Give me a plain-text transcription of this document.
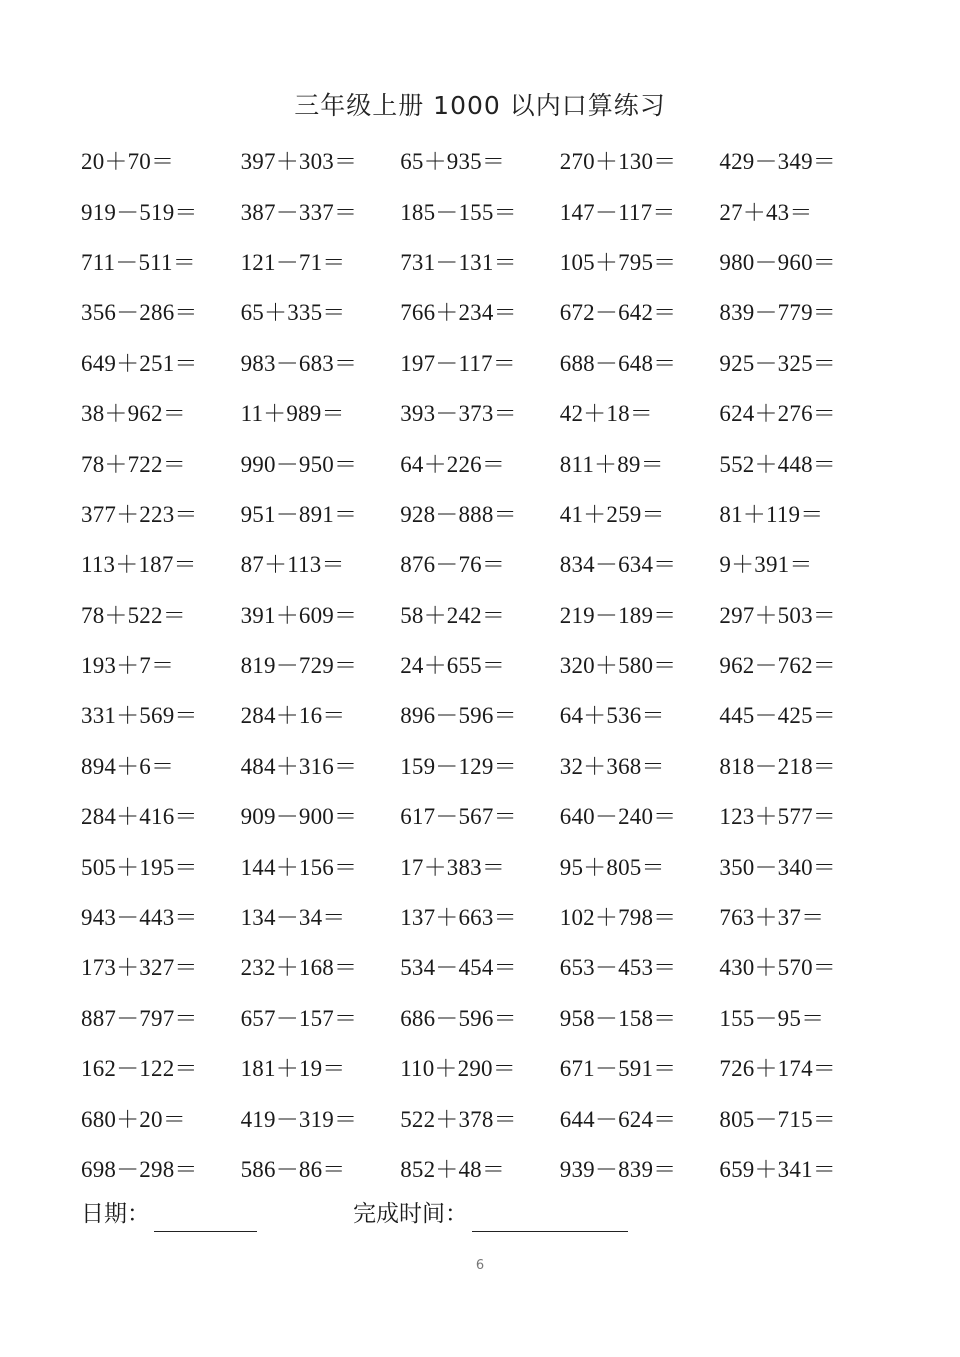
三年级上册 1000 以内口算练习
20＋70＝	397＋303＝	65＋935＝	270＋130＝	429－349＝
919－519＝	387－337＝	185－155＝	147－117＝	27＋43＝
711－511＝	121－71＝	731－131＝	105＋795＝	980－960＝
356－286＝	65＋335＝	766＋234＝	672－642＝	839－779＝
649＋251＝	983－683＝	197－117＝	688－648＝	925－325＝
38＋962＝	11＋989＝	393－373＝	42＋18＝	624＋276＝
78＋722＝	990－950＝	64＋226＝	811＋89＝	552＋448＝
377＋223＝	951－891＝	928－888＝	41＋259＝	81＋119＝
113＋187＝	87＋113＝	876－76＝	834－634＝	9＋391＝
78＋522＝	391＋609＝	58＋242＝	219－189＝	297＋503＝
193＋7＝	819－729＝	24＋655＝	320＋580＝	962－762＝
331＋569＝	284＋16＝	896－596＝	64＋536＝	445－425＝
894＋6＝	484＋316＝	159－129＝	32＋368＝	818－218＝
284＋416＝	909－900＝	617－567＝	640－240＝	123＋577＝
505＋195＝	144＋156＝	17＋383＝	95＋805＝	350－340＝
943－443＝	134－34＝	137＋663＝	102＋798＝	763＋37＝
173＋327＝	232＋168＝	534－454＝	653－453＝	430＋570＝
887－797＝	657－157＝	686－596＝	958－158＝	155－95＝
162－122＝	181＋19＝	110＋290＝	671－591＝	726＋174＝
680＋20＝	419－319＝	522＋378＝	644－624＝	805－715＝
698－298＝	586－86＝	852＋48＝	939－839＝	659＋341＝
日期：	完成时间：
6
